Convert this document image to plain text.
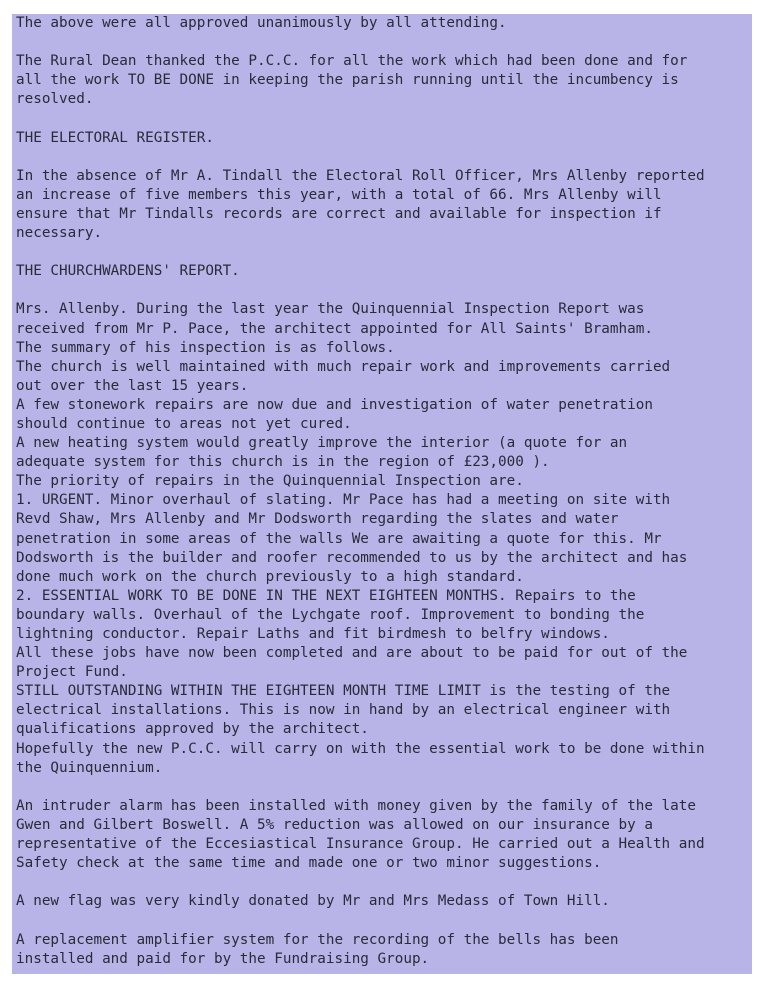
The above were all approved unanimously by all attending.
The Rural Dean thanked the P.C.C. for all the work which had been done and for
all the work TO BE DONE in keeping the parish running until the incumbency is
resolved.
THE ELECTORAL REGISTER.
In the absence of Mr A. Tindall the Electoral Roll Officer, Mrs Allenby reported
an increase of five members this year, with a total of 66. Mrs Allenby will
ensure that Mr Tindalls records are correct and available for inspection if
necessary.
THE CHURCHWARDENS' REPORT.
Mrs. Allenby. During the last year the Quinquennial Inspection Report was
received from Mr P. Pace, the architect appointed for All Saints' Bramham.
The summary of his inspection is as follows.
The church is well maintained with much repair work and improvements carried
out over the last 15 years.
A few stonework repairs are now due and investigation of water penetration
should continue to areas not yet cured.
A new heating system would greatly improve the interior (a quote for an
adequate system for this church is in the region of £23,000 ).
The priority of repairs in the Quinquennial Inspection are.
1. URGENT. Minor overhaul of slating. Mr Pace has had a meeting on site with
Revd Shaw, Mrs Allenby and Mr Dodsworth regarding the slates and water
penetration in some areas of the walls We are awaiting a quote for this. Mr
Dodsworth is the builder and roofer recommended to us by the architect and has
done much work on the church previously to a high standard.
2. ESSENTIAL WORK TO BE DONE IN THE NEXT EIGHTEEN MONTHS. Repairs to the
boundary walls. Overhaul of the Lychgate roof. Improvement to bonding the
lightning conductor. Repair Laths and fit birdmesh to belfry windows.
All these jobs have now been completed and are about to be paid for out of the
Project Fund.
STILL OUTSTANDING WITHIN THE EIGHTEEN MONTH TIME LIMIT is the testing of the
electrical installations. This is now in hand by an electrical engineer with
qualifications approved by the architect.
Hopefully the new P.C.C. will carry on with the essential work to be done within
the Quinquennium.
An intruder alarm has been installed with money given by the family of the late
Gwen and Gilbert Boswell. A 5% reduction was allowed on our insurance by a
representative of the Eccesiastical Insurance Group. He carried out a Health and
Safety check at the same time and made one or two minor suggestions.
A new flag was very kindly donated by Mr and Mrs Medass of Town Hill.
A replacement amplifier system for the recording of the bells has been
installed and paid for by the Fundraising Group.
